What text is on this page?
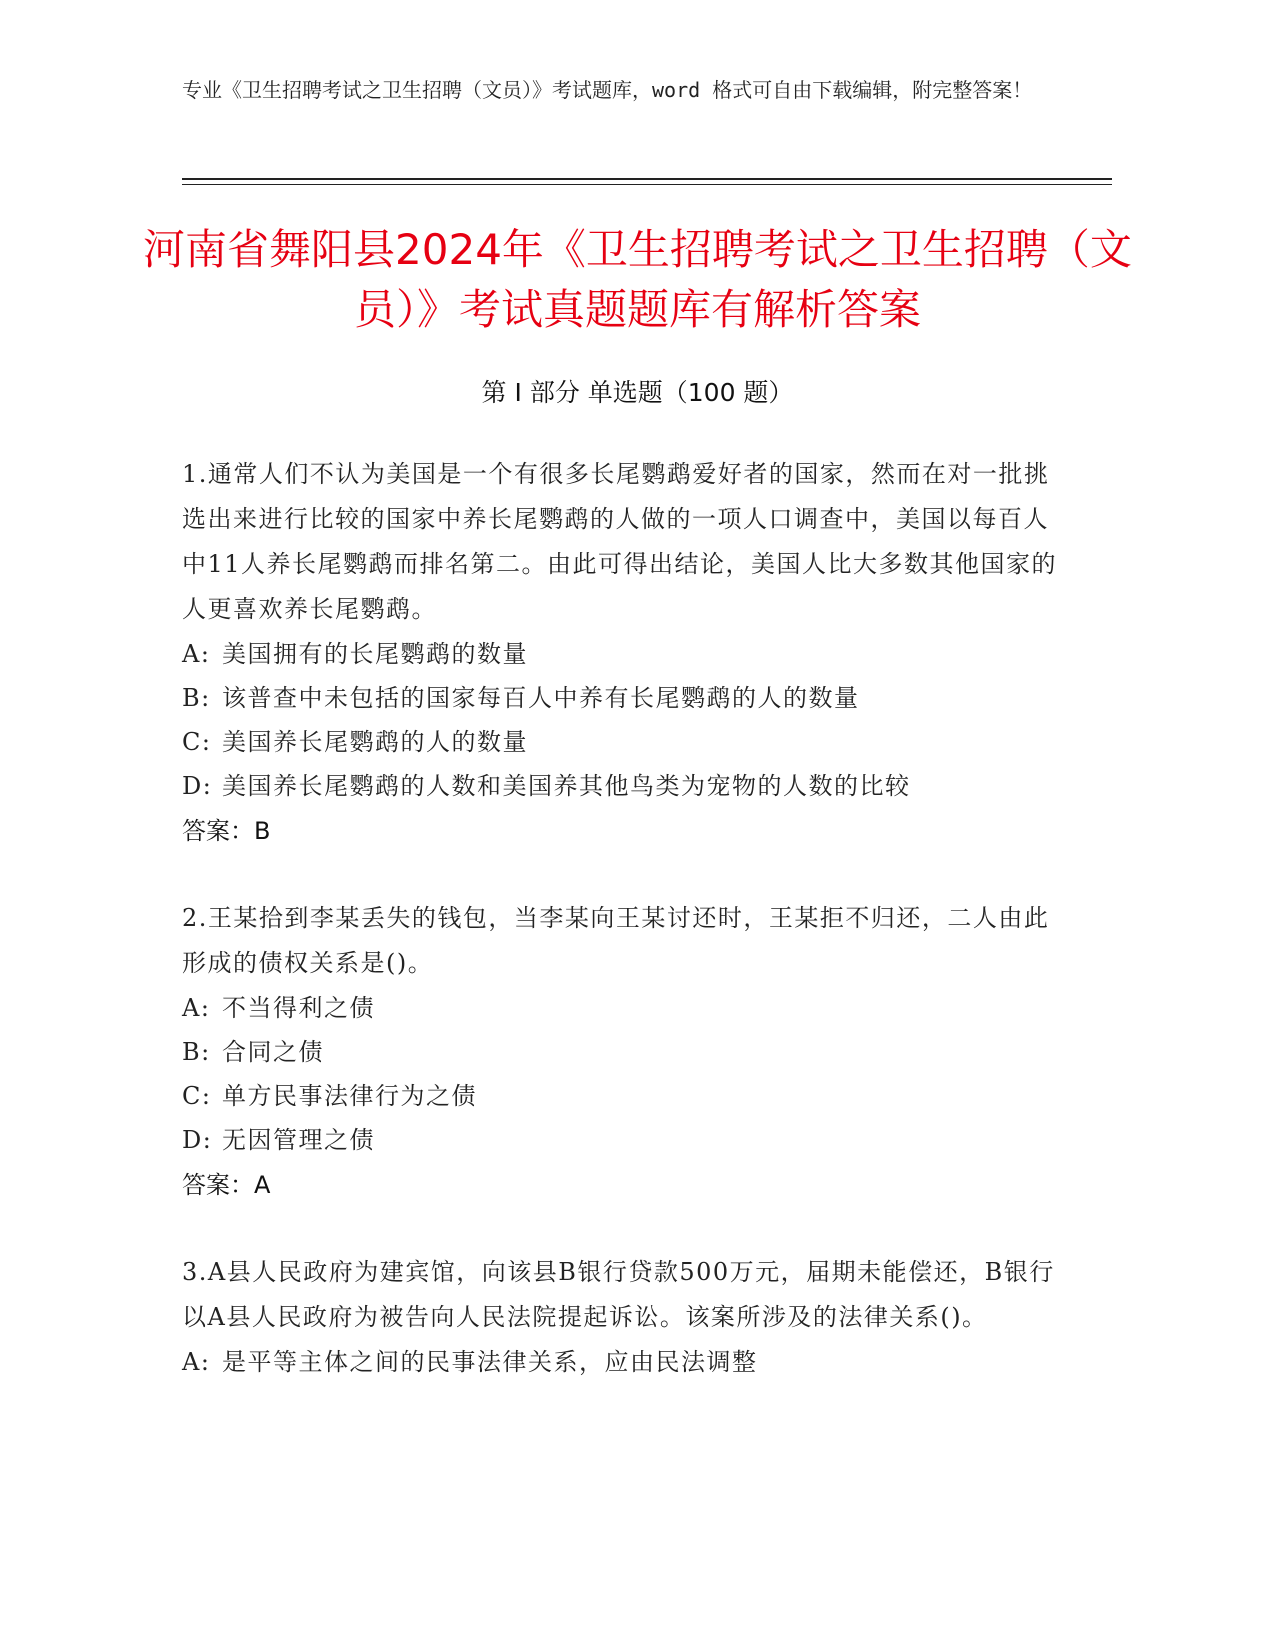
专业《卫生招聘考试之卫生招聘（文员）》考试题库，word 格式可自由下载编辑，附完整答案！
河南省舞阳县2024年《卫生招聘考试之卫生招聘（文员）》考试真题题库有解析答案
第 I 部分 单选题（100 题）
1.通常人们不认为美国是一个有很多长尾鹦鹉爱好者的国家，然而在对一批挑选出来进行比较的国家中养长尾鹦鹉的人做的一项人口调查中，美国以每百人中11人养长尾鹦鹉而排名第二。由此可得出结论，美国人比大多数其他国家的人更喜欢养长尾鹦鹉。
A: 美国拥有的长尾鹦鹉的数量
B: 该普查中未包括的国家每百人中养有长尾鹦鹉的人的数量
C: 美国养长尾鹦鹉的人的数量
D: 美国养长尾鹦鹉的人数和美国养其他鸟类为宠物的人数的比较
答案：B
2.王某拾到李某丢失的钱包，当李某向王某讨还时，王某拒不归还，二人由此形成的债权关系是()。
A: 不当得利之债
B: 合同之债
C: 单方民事法律行为之债
D: 无因管理之债
答案：A
3.A县人民政府为建宾馆，向该县B银行贷款500万元，届期未能偿还，B银行以A县人民政府为被告向人民法院提起诉讼。该案所涉及的法律关系()。
A: 是平等主体之间的民事法律关系，应由民法调整
